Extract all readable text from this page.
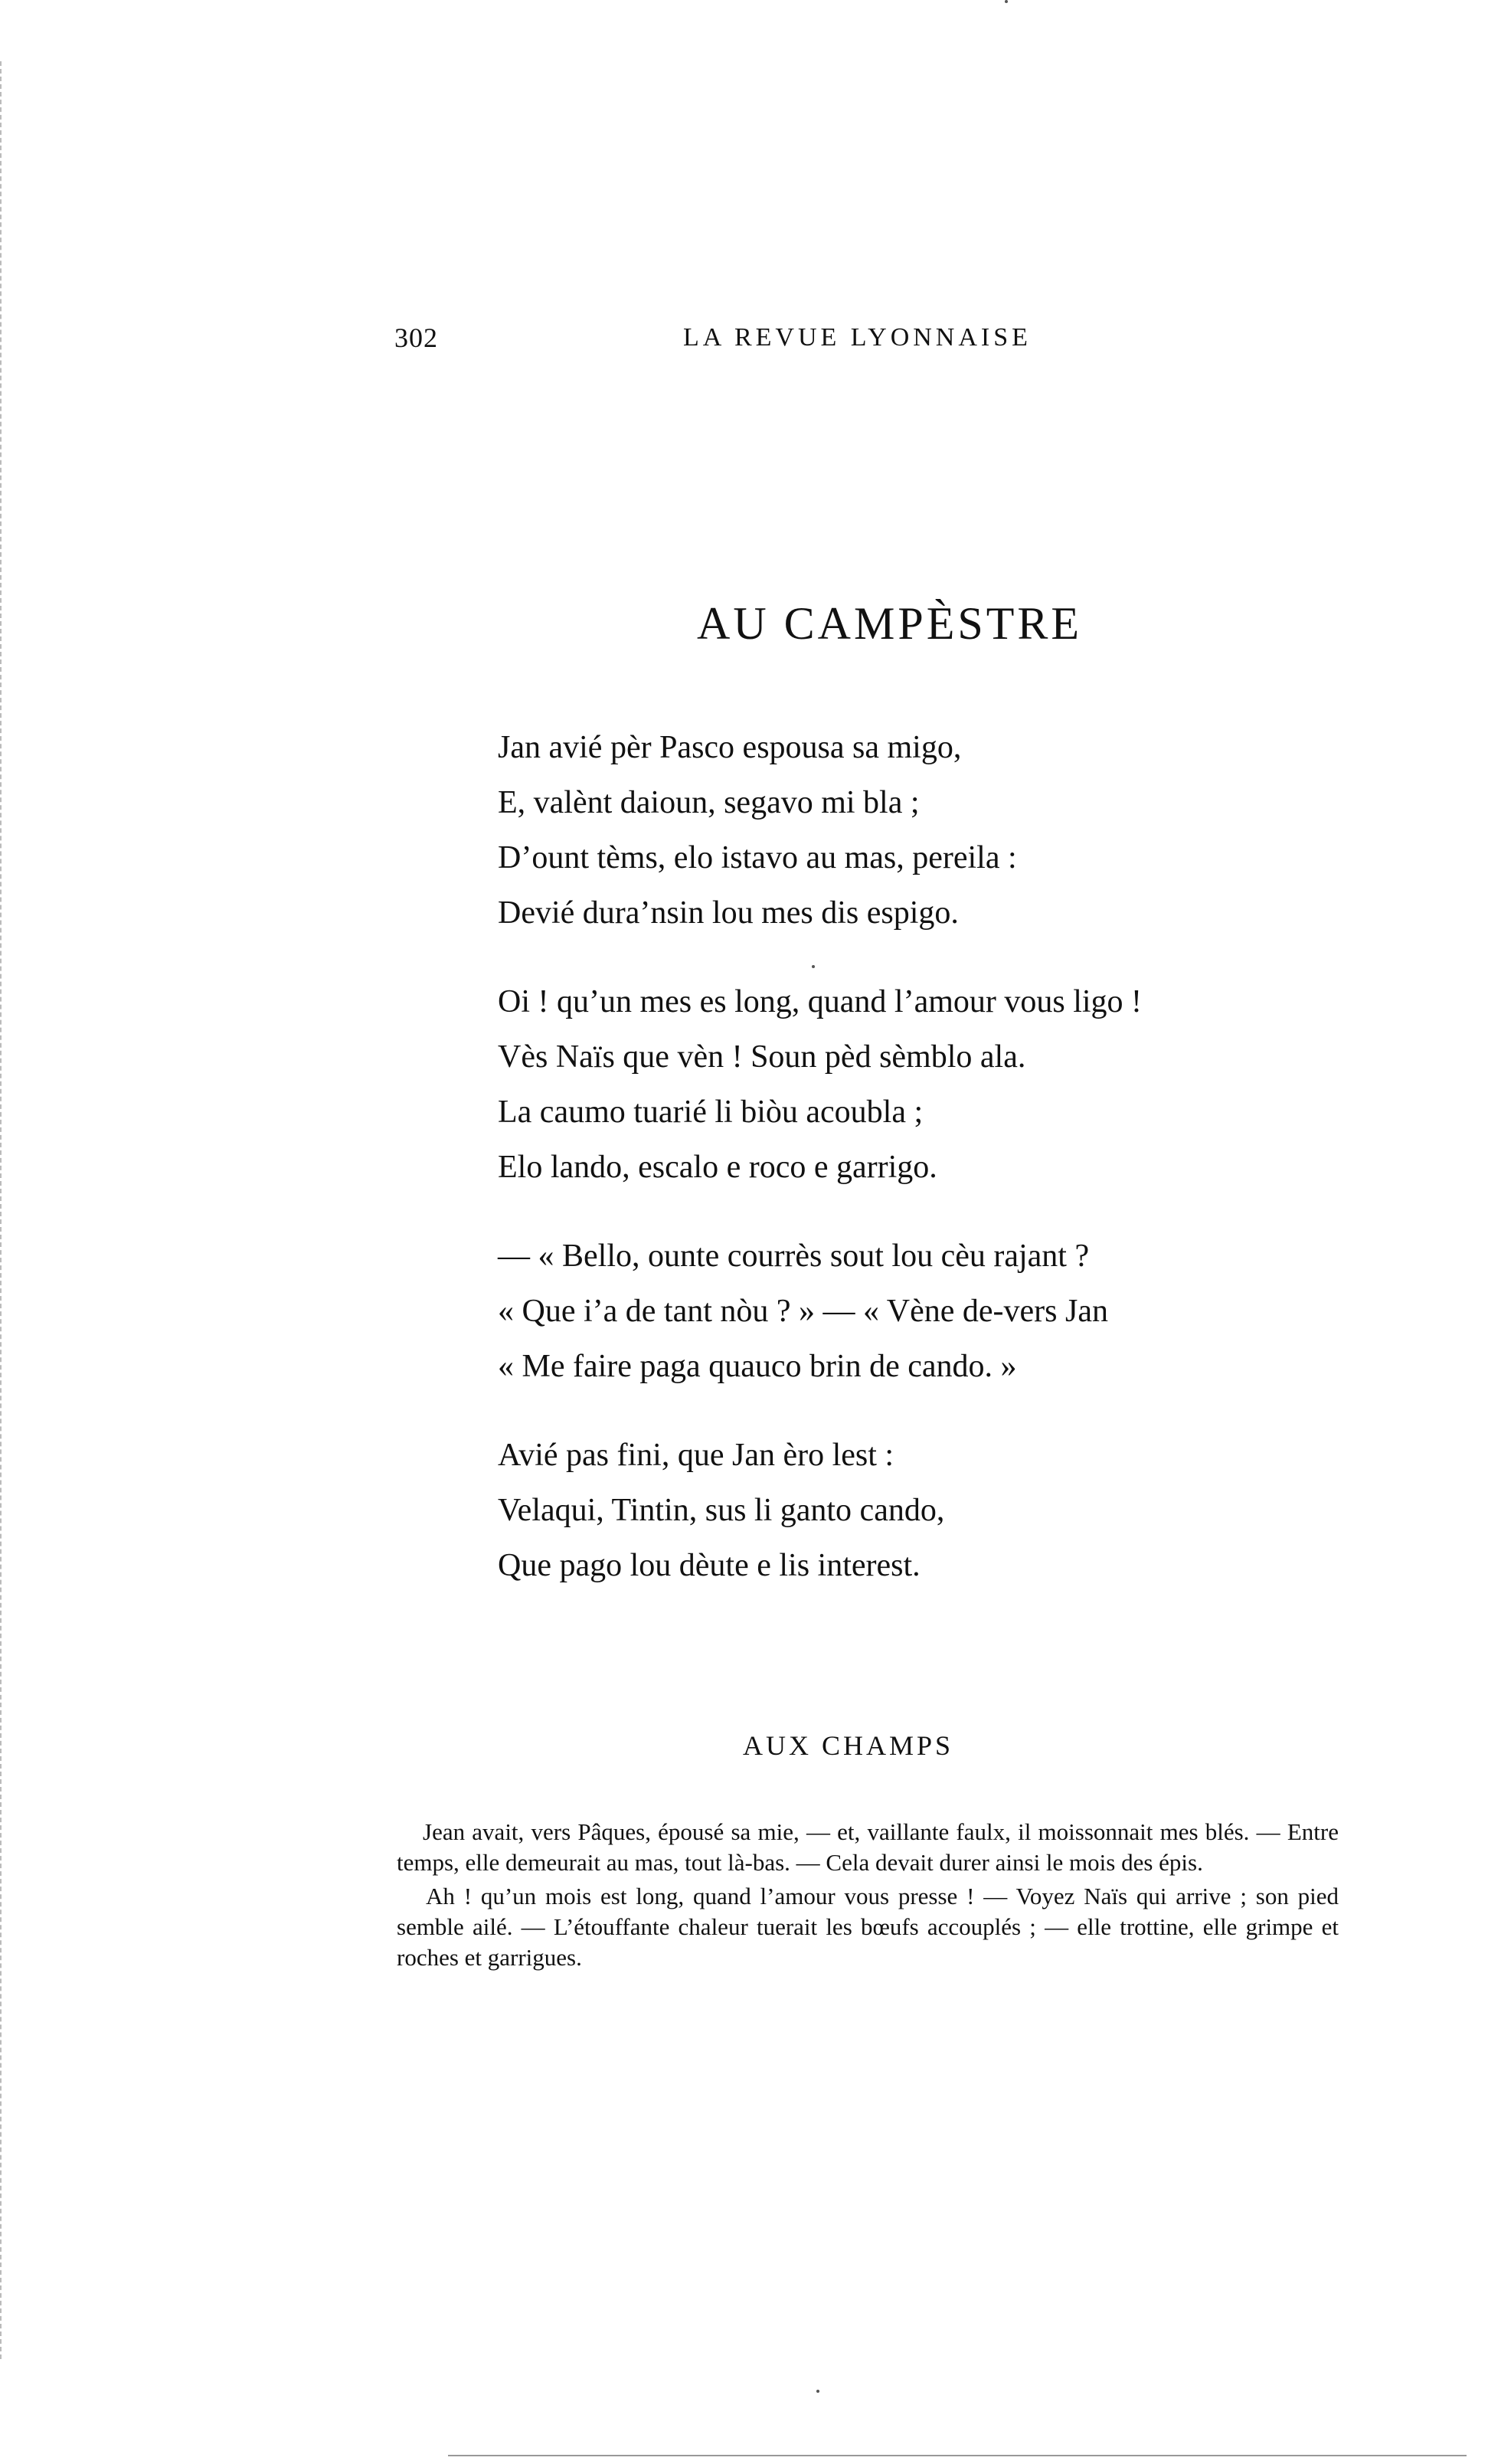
302	LA REVUE LYONNAISE
AU CAMPÈSTRE
Jan avié pèr Pasco espousa sa migo,
E, valènt daioun, segavo mi bla ;
D’ount tèms, elo istavo au mas, pereila :
Devié dura’nsin lou mes dis espigo.
Oi ! qu’un mes es long, quand l’amour vous ligo !
Vès Naïs que vèn ! Soun pèd sèmblo ala.
La caumo tuarié li biòu acoubla ;
Elo lando, escalo e roco e garrigo.
— « Bello, ounte courrès sout lou cèu rajant ?
« Que i’a de tant nòu ? » — « Vène de-vers Jan
« Me faire paga quauco brin de cando. »
Avié pas fini, que Jan èro lest :
Velaqui, Tintin, sus li ganto cando,
Que pago lou dèute e lis interest.
AUX CHAMPS

Jean avait, vers Pâques, épousé sa mie, — et, vaillante faulx, il moissonnait mes blés. — Entre temps, elle demeurait au mas, tout là-bas. — Cela devait durer ainsi le mois des épis.

Ah ! qu’un mois est long, quand l’amour vous presse ! — Voyez Naïs qui arrive ; son pied semble ailé. — L’étouffante chaleur tuerait les bœufs accouplés ; — elle trottine, elle grimpe et roches et garrigues.
